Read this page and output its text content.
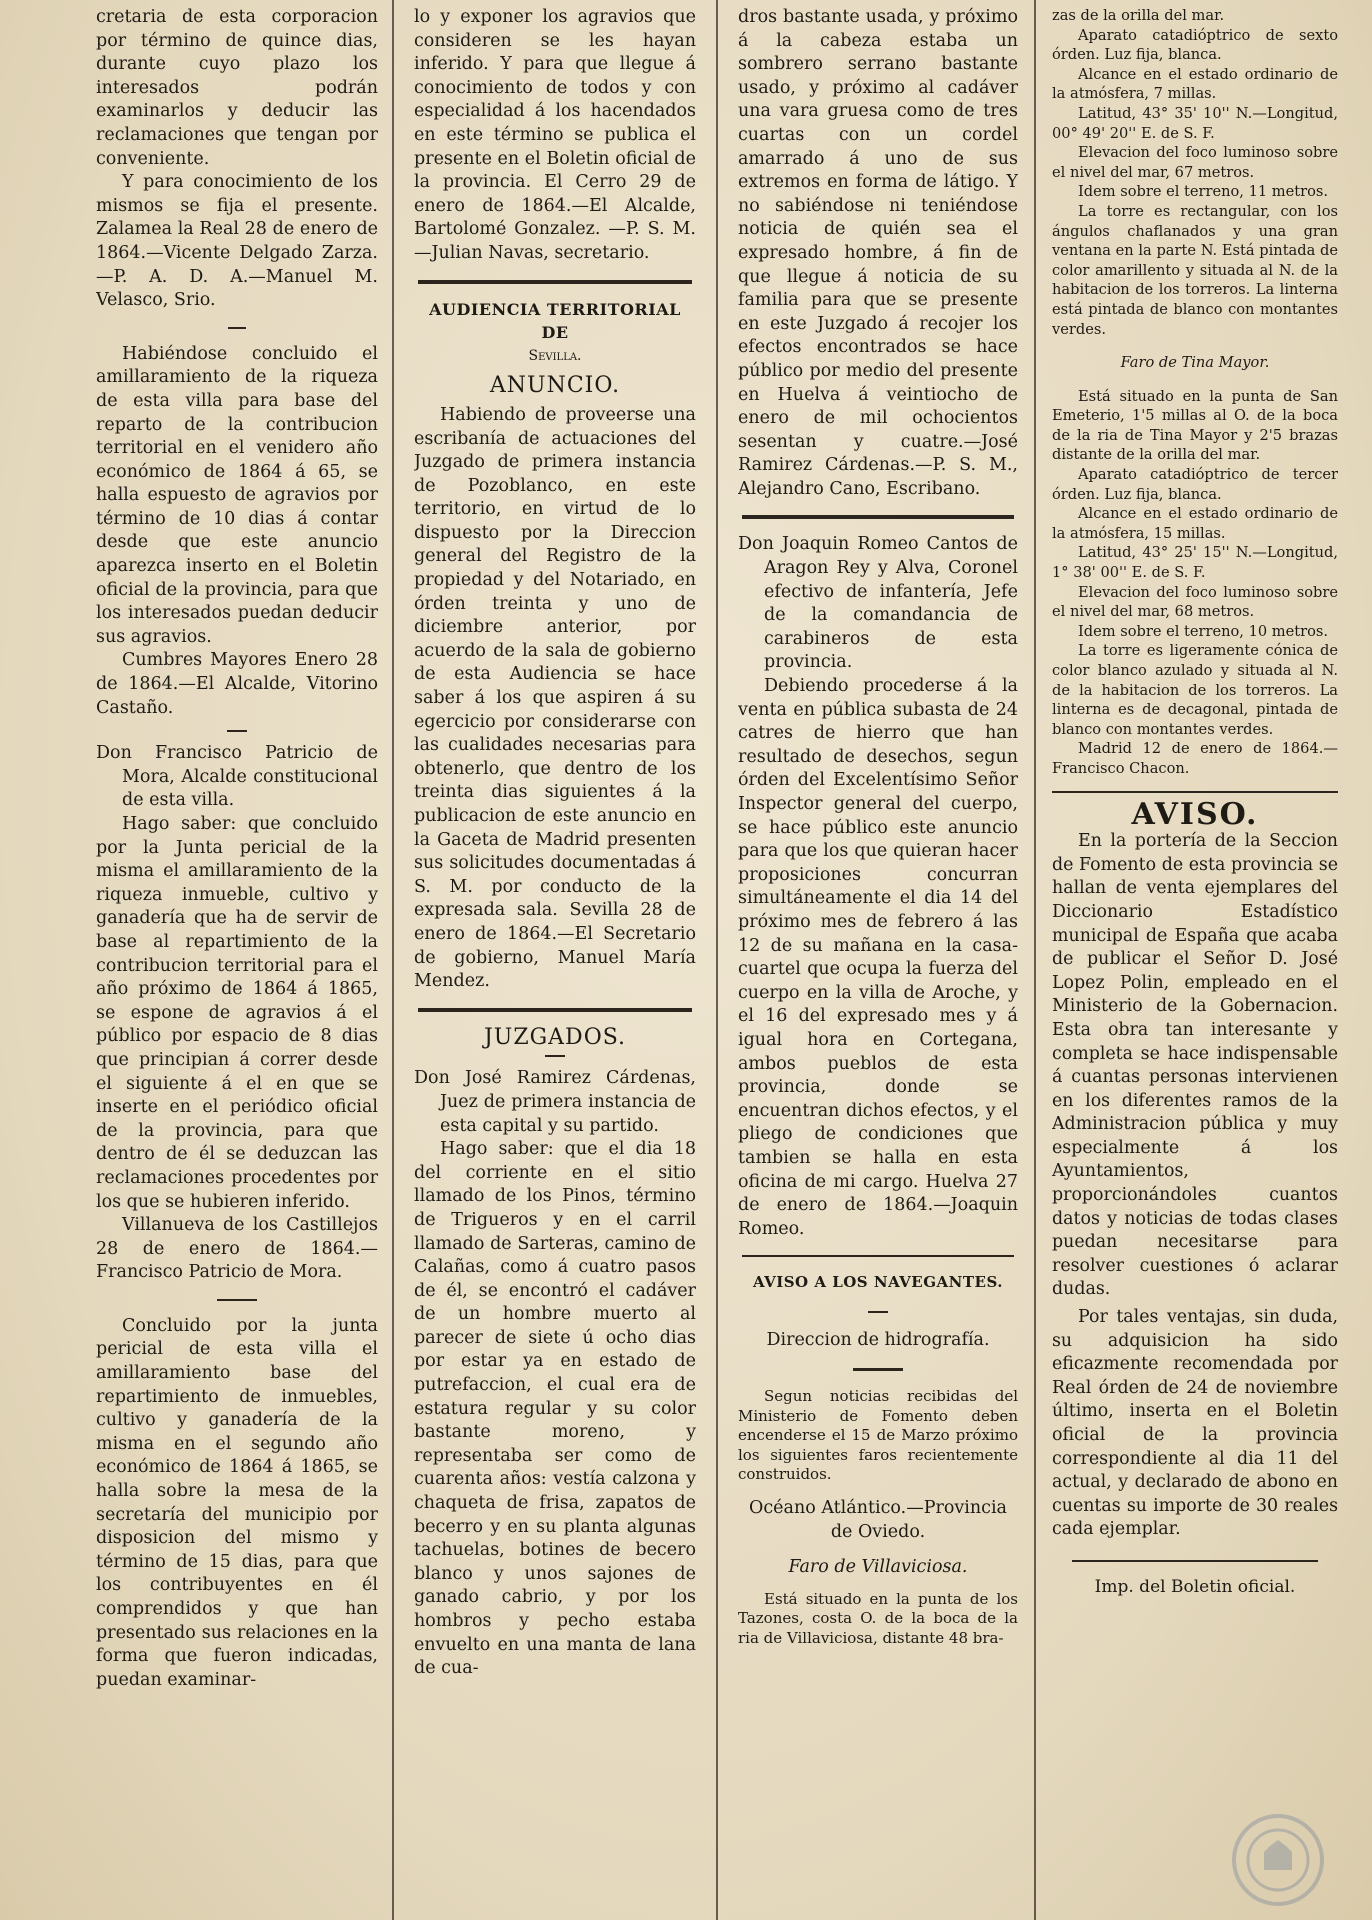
cretaria de esta corporacion por término de quince dias, durante cuyo plazo los interesados podrán examinarlos y deducir las reclamaciones que tengan por conveniente.

Y para conocimiento de los mismos se fija el presente. Zalamea la Real 28 de enero de 1864.—Vicente Delgado Zarza.—P. A. D. A.—Manuel M. Velasco, Srio.

Habiéndose concluido el amillaramiento de la riqueza de esta villa para base del reparto de la contribucion territorial en el venidero año económico de 1864 á 65, se halla espuesto de agravios por término de 10 dias á contar desde que este anuncio aparezca inserto en el Boletin oficial de la provincia, para que los interesados puedan deducir sus agravios.

Cumbres Mayores Enero 28 de 1864.—El Alcalde, Vitorino Castaño.

Don Francisco Patricio de Mora, Alcalde constitucional de esta villa.

Hago saber: que concluido por la Junta pericial de la misma el amillaramiento de la riqueza inmueble, cultivo y ganadería que ha de servir de base al repartimiento de la contribucion territorial para el año próximo de 1864 á 1865, se espone de agravios á el público por espacio de 8 dias que principian á correr desde el siguiente á el en que se inserte en el periódico oficial de la provincia, para que dentro de él se deduzcan las reclamaciones procedentes por los que se hubieren inferido.

Villanueva de los Castillejos 28 de enero de 1864.—Francisco Patricio de Mora.

Concluido por la junta pericial de esta villa el amillaramiento base del repartimiento de inmuebles, cultivo y ganadería de la misma en el segundo año económico de 1864 á 1865, se halla sobre la mesa de la secretaría del municipio por disposicion del mismo y término de 15 dias, para que los contribuyentes en él comprendidos y que han presentado sus relaciones en la forma que fueron indicadas, puedan examinar-

lo y exponer los agravios que consideren se les hayan inferido. Y para que llegue á conocimiento de todos y con especialidad á los hacendados en este término se publica el presente en el Boletin oficial de la provincia. El Cerro 29 de enero de 1864.—El Alcalde, Bartolomé Gonzalez. —P. S. M.—Julian Navas, secretario.

AUDIENCIA TERRITORIAL DE

Sevilla.

ANUNCIO.

Habiendo de proveerse una escribanía de actuaciones del Juzgado de primera instancia de Pozoblanco, en este territorio, en virtud de lo dispuesto por la Direccion general del Registro de la propiedad y del Notariado, en órden treinta y uno de diciembre anterior, por acuerdo de la sala de gobierno de esta Audiencia se hace saber á los que aspiren á su egercicio por considerarse con las cualidades necesarias para obtenerlo, que dentro de los treinta dias siguientes á la publicacion de este anuncio en la Gaceta de Madrid presenten sus solicitudes documentadas á S. M. por conducto de la expresada sala. Sevilla 28 de enero de 1864.—El Secretario de gobierno, Manuel María Mendez.

JUZGADOS.

Don José Ramirez Cárdenas, Juez de primera instancia de esta capital y su partido.

Hago saber: que el dia 18 del corriente en el sitio llamado de los Pinos, término de Trigueros y en el carril llamado de Sarteras, camino de Calañas, como á cuatro pasos de él, se encontró el cadáver de un hombre muerto al parecer de siete ú ocho dias por estar ya en estado de putrefaccion, el cual era de estatura regular y su color bastante moreno, y representaba ser como de cuarenta años: vestía calzona y chaqueta de frisa, zapatos de becerro y en su planta algunas tachuelas, botines de becero blanco y unos sajones de ganado cabrio, y por los hombros y pecho estaba envuelto en una manta de lana de cua-

dros bastante usada, y próximo á la cabeza estaba un sombrero serrano bastante usado, y próximo al cadáver una vara gruesa como de tres cuartas con un cordel amarrado á uno de sus extremos en forma de látigo. Y no sabiéndose ni teniéndose noticia de quién sea el expresado hombre, á fin de que llegue á noticia de su familia para que se presente en este Juzgado á recojer los efectos encontrados se hace público por medio del presente en Huelva á veintiocho de enero de mil ochocientos sesentan y cuatre.—José Ramirez Cárdenas.—P. S. M., Alejandro Cano, Escribano.

Don Joaquin Romeo Cantos de Aragon Rey y Alva, Coronel efectivo de infantería, Jefe de la comandancia de carabineros de esta provincia.

Debiendo procederse á la venta en pública subasta de 24 catres de hierro que han resultado de desechos, segun órden del Excelentísimo Señor Inspector general del cuerpo, se hace público este anuncio para que los que quieran hacer proposiciones concurran simultáneamente el dia 14 del próximo mes de febrero á las 12 de su mañana en la casa-cuartel que ocupa la fuerza del cuerpo en la villa de Aroche, y el 16 del expresado mes y á igual hora en Cortegana, ambos pueblos de esta provincia, donde se encuentran dichos efectos, y el pliego de condiciones que tambien se halla en esta oficina de mi cargo. Huelva 27 de enero de 1864.—Joaquin Romeo.

AVISO A LOS NAVEGANTES.

Direccion de hidrografía.

Segun noticias recibidas del Ministerio de Fomento deben encenderse el 15 de Marzo próximo los siguientes faros recientemente construidos.

Océano Atlántico.—Provincia de Oviedo.

Faro de Villaviciosa.

Está situado en la punta de los Tazones, costa O. de la boca de la ria de Villaviciosa, distante 48 bra-

zas de la orilla del mar.

Aparato catadióptrico de sexto órden. Luz fija, blanca.

Alcance en el estado ordinario de la atmósfera, 7 millas.

Latitud, 43° 35' 10'' N.—Longitud, 00° 49' 20'' E. de S. F.

Elevacion del foco luminoso sobre el nivel del mar, 67 metros.

Idem sobre el terreno, 11 metros.

La torre es rectangular, con los ángulos chaflanados y una gran ventana en la parte N. Está pintada de color amarillento y situada al N. de la habitacion de los torreros. La linterna está pintada de blanco con montantes verdes.

Faro de Tina Mayor.

Está situado en la punta de San Emeterio, 1'5 millas al O. de la boca de la ria de Tina Mayor y 2'5 brazas distante de la orilla del mar.

Aparato catadióptrico de tercer órden. Luz fija, blanca.

Alcance en el estado ordinario de la atmósfera, 15 millas.

Latitud, 43° 25' 15'' N.—Longitud, 1° 38' 00'' E. de S. F.

Elevacion del foco luminoso sobre el nivel del mar, 68 metros.

Idem sobre el terreno, 10 metros.

La torre es ligeramente cónica de color blanco azulado y situada al N. de la habitacion de los torreros. La linterna es de decagonal, pintada de blanco con montantes verdes.

Madrid 12 de enero de 1864.—Francisco Chacon.

AVISO.

En la portería de la Seccion de Fomento de esta provincia se hallan de venta ejemplares del Diccionario Estadístico municipal de España que acaba de publicar el Señor D. José Lopez Polin, empleado en el Ministerio de la Gobernacion. Esta obra tan interesante y completa se hace indispensable á cuantas personas intervienen en los diferentes ramos de la Administracion pública y muy especialmente á los Ayuntamientos, proporcionándoles cuantos datos y noticias de todas clases puedan necesitarse para resolver cuestiones ó aclarar dudas.

Por tales ventajas, sin duda, su adquisicion ha sido eficazmente recomendada por Real órden de 24 de noviembre último, inserta en el Boletin oficial de la provincia correspondiente al dia 11 del actual, y declarado de abono en cuentas su importe de 30 reales cada ejemplar.

Imp. del Boletin oficial.
